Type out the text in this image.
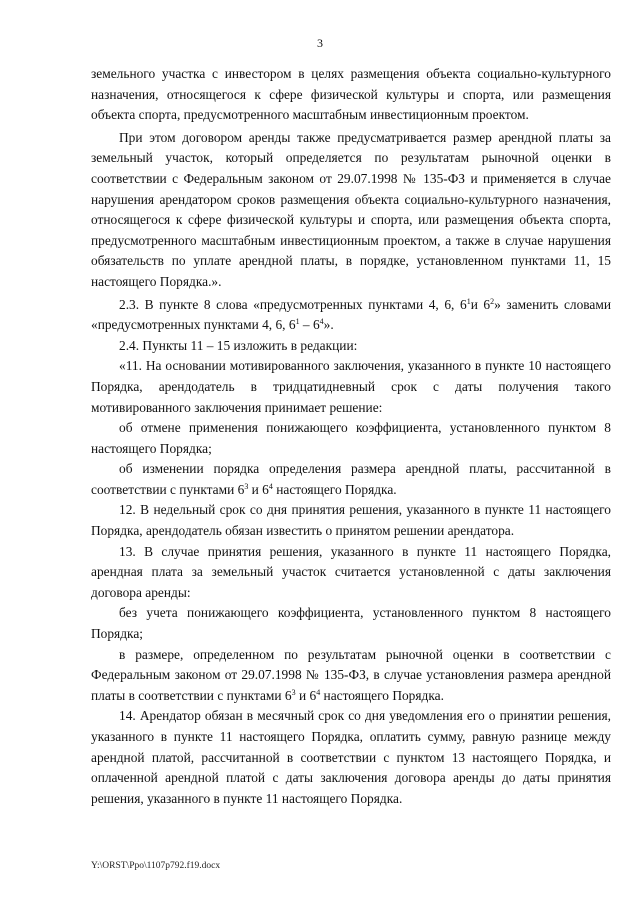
3

земельного участка с инвестором в целях размещения объекта социально-культурного назначения, относящегося к сфере физической культуры и спорта, или размещения объекта спорта, предусмотренного масштабным инвестиционным проектом.

При этом договором аренды также предусматривается размер арендной платы за земельный участок, который определяется по результатам рыночной оценки в соответствии с Федеральным законом от 29.07.1998 № 135-ФЗ и применяется в случае нарушения арендатором сроков размещения объекта социально-культурного назначения, относящегося к сфере физической культуры и спорта, или размещения объекта спорта, предусмотренного масштабным инвестиционным проектом, а также в случае нарушения обязательств по уплате арендной платы, в порядке, установленном пунктами 11, 15 настоящего Порядка.».

2.3. В пункте 8 слова «предусмотренных пунктами 4, 6, $6^1и$ $6^2$» заменить словами «предусмотренных пунктами 4, 6, $6^1 - 6^4$».

2.4. Пункты 11 – 15 изложить в редакции:

«11. На основании мотивированного заключения, указанного в пункте 10 настоящего Порядка, арендодатель в тридцатидневный срок с даты получения такого мотивированного заключения принимает решение:

об отмене применения понижающего коэффициента, установленного пунктом 8 настоящего Порядка;

об изменении порядка определения размера арендной платы, рассчитанной в соответствии с пунктами $6^3$ и $6^4$ настоящего Порядка.

12. В недельный срок со дня принятия решения, указанного в пункте 11 настоящего Порядка, арендодатель обязан известить о принятом решении арендатора.

13. В случае принятия решения, указанного в пункте 11 настоящего Порядка, арендная плата за земельный участок считается установленной с даты заключения договора аренды:

без учета понижающего коэффициента, установленного пунктом 8 настоящего Порядка;

в размере, определенном по результатам рыночной оценки в соответствии с Федеральным законом от 29.07.1998 № 135-ФЗ, в случае установления размера арендной платы в соответствии с пунктами $6^3$ и $6^4$ настоящего Порядка.

14. Арендатор обязан в месячный срок со дня уведомления его о принятии решения, указанного в пункте 11 настоящего Порядка, оплатить сумму, равную разнице между арендной платой, рассчитанной в соответствии с пунктом 13 настоящего Порядка, и оплаченной арендной платой с даты заключения договора аренды до даты принятия решения, указанного в пункте 11 настоящего Порядка.

Y:\ORST\Ppo\1107p792.f19.docx
